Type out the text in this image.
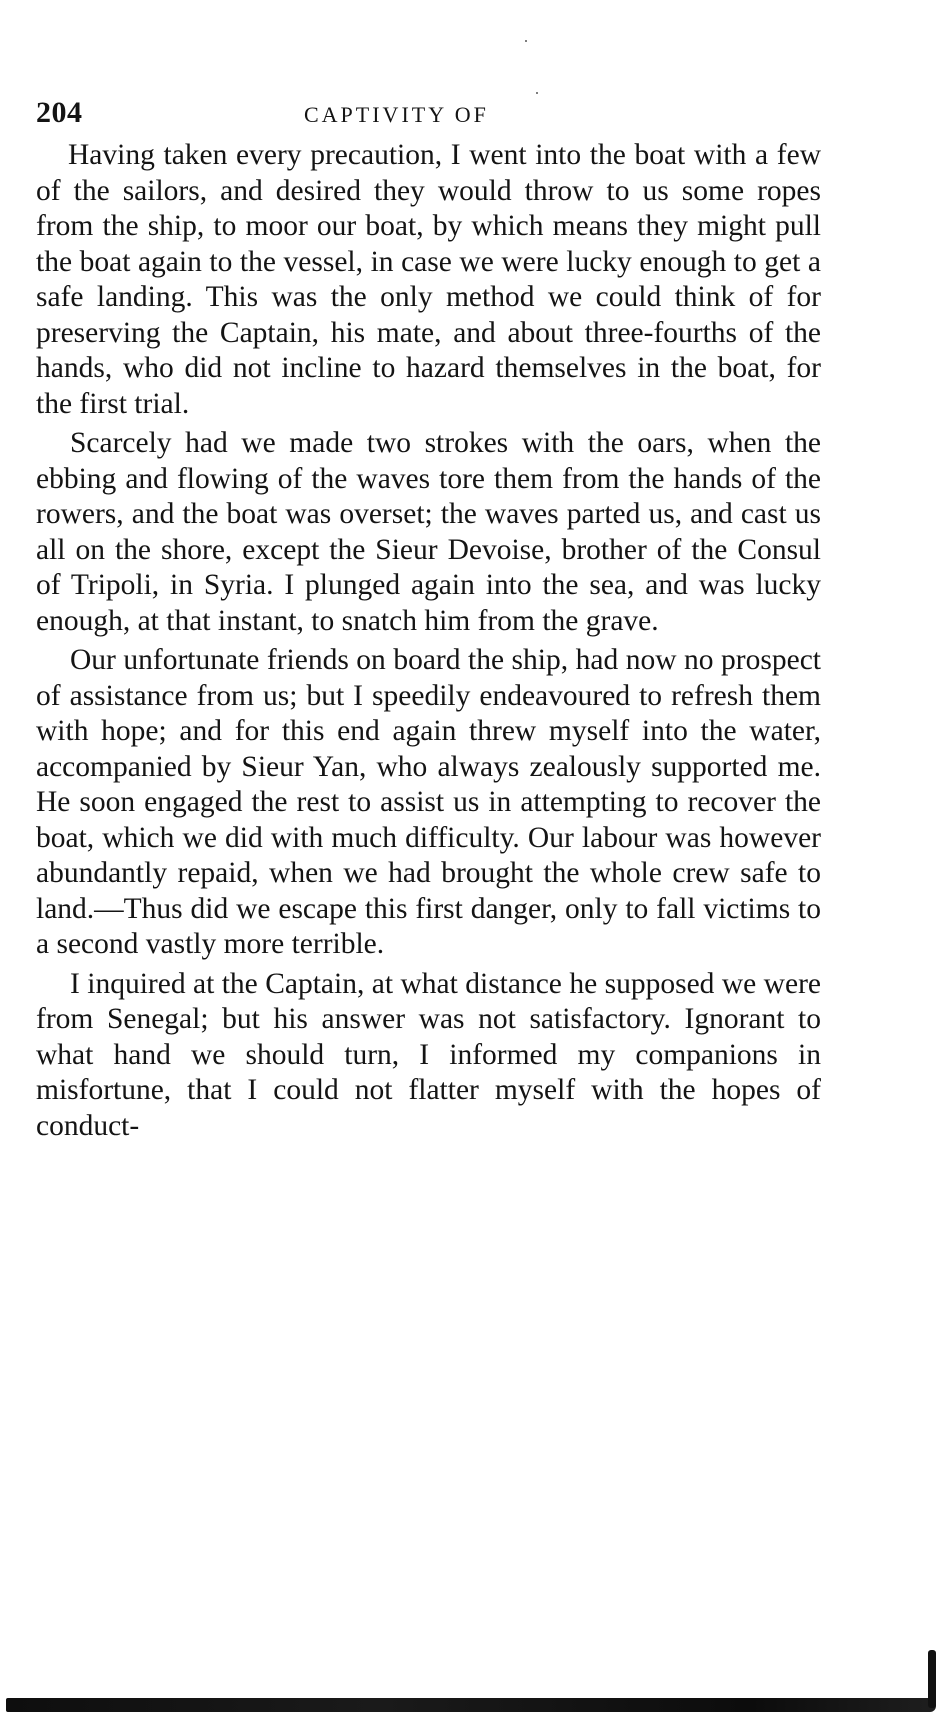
204	CAPTIVITY OF

Having taken every precaution, I went into the boat with a few of the sailors, and desired they would throw to us some ropes from the ship, to moor our boat, by which means they might pull the boat again to the vessel, in case we were lucky enough to get a safe landing. This was the only method we could think of for preserving the Captain, his mate, and about three-fourths of the hands, who did not incline to hazard themselves in the boat, for the first trial.

Scarcely had we made two strokes with the oars, when the ebbing and flowing of the waves tore them from the hands of the rowers, and the boat was overset; the waves parted us, and cast us all on the shore, except the Sieur Devoise, brother of the Consul of Tripoli, in Syria. I plunged again into the sea, and was lucky enough, at that instant, to snatch him from the grave.

Our unfortunate friends on board the ship, had now no prospect of assistance from us; but I speedily endeavoured to refresh them with hope; and for this end again threw myself into the water, accompanied by Sieur Yan, who always zealously supported me. He soon engaged the rest to assist us in attempting to recover the boat, which we did with much difficulty. Our labour was however abundantly repaid, when we had brought the whole crew safe to land.—Thus did we escape this first danger, only to fall victims to a second vastly more terrible.

I inquired at the Captain, at what distance he supposed we were from Senegal; but his answer was not satisfactory. Ignorant to what hand we should turn, I informed my companions in misfortune, that I could not flatter myself with the hopes of conduct-
